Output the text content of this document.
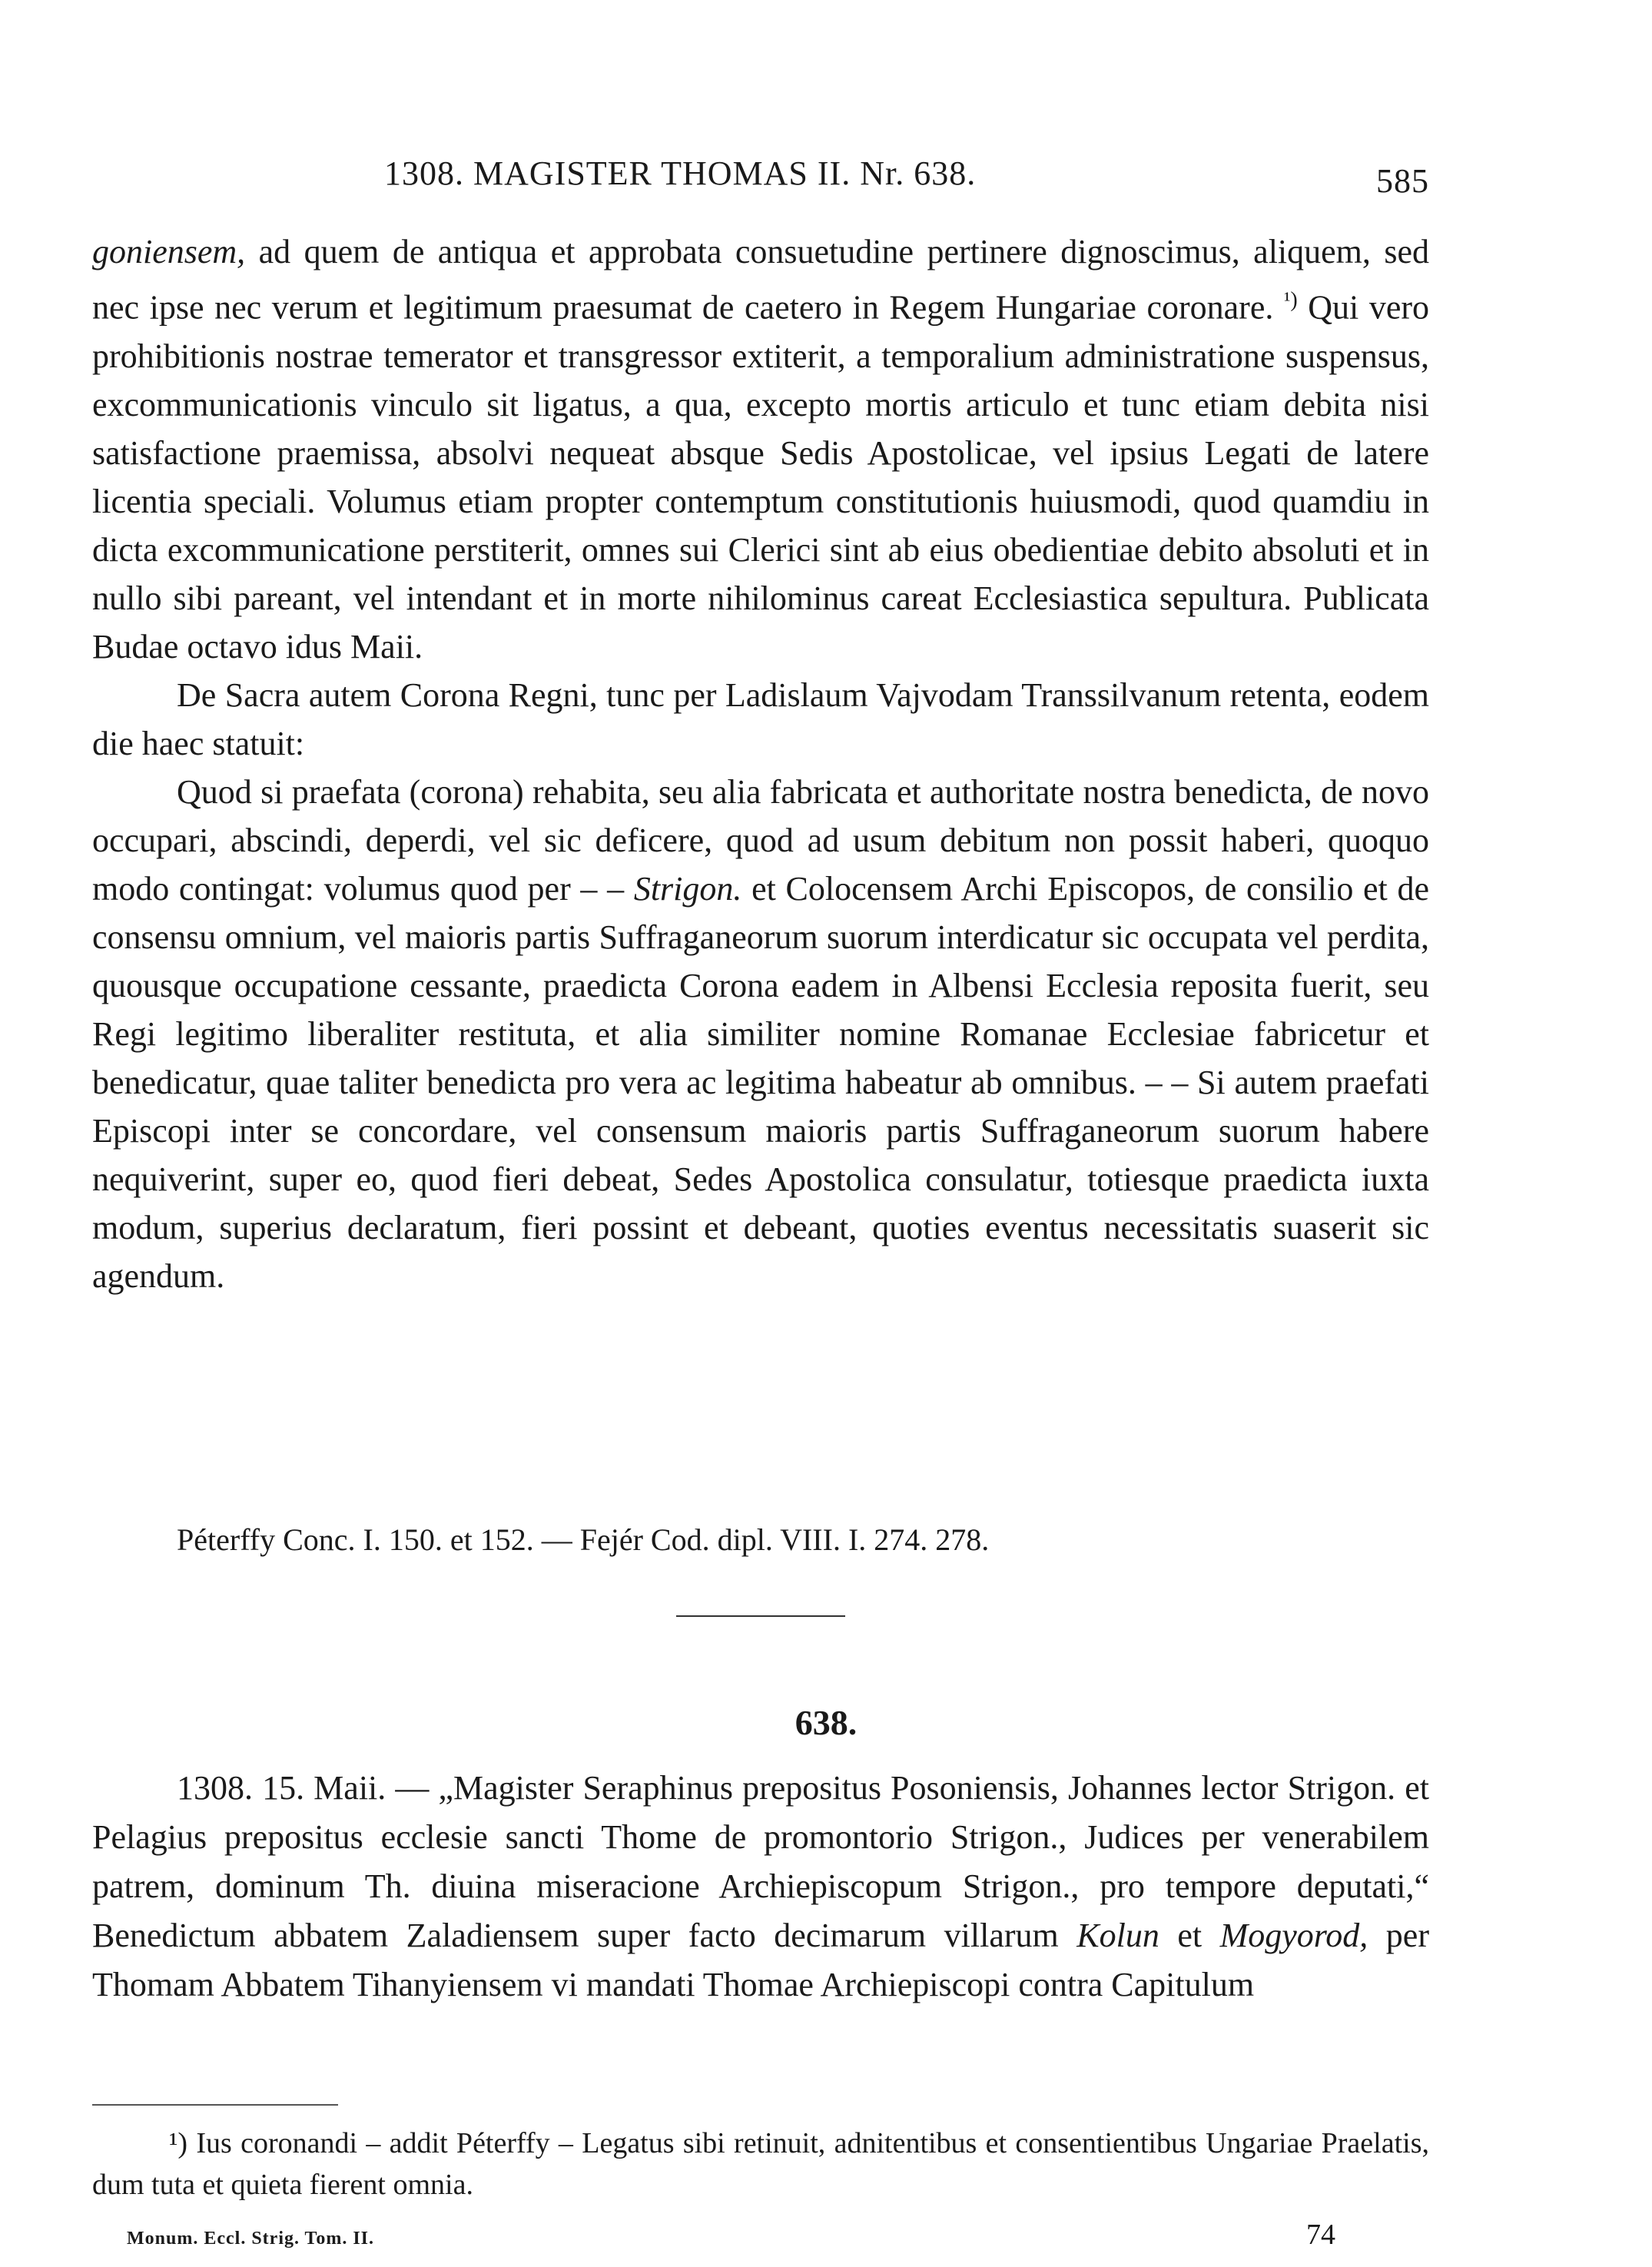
1308. MAGISTER THOMAS II. Nr. 638.	585

goniensem, ad quem de antiqua et approbata consuetudine pertinere dignoscimus, aliquem, sed nec ipse nec verum et legitimum praesumat de caetero in Regem Hungariae coronare. $^{^1)}$ Qui vero prohibitionis nostrae temerator et transgressor extiterit, a temporalium administratione suspensus, excommunicationis vinculo sit ligatus, a qua, excepto mortis articulo et tunc etiam debita nisi satisfactione praemissa, absolvi nequeat absque Sedis Apostolicae, vel ipsius Legati de latere licentia speciali. Volumus etiam propter contemptum constitutionis huiusmodi, quod quamdiu in dicta excommunicatione perstiterit, omnes sui Clerici sint ab eius obedientiae debito absoluti et in nullo sibi pareant, vel intendant et in morte nihilominus careat Ecclesiastica sepultura. Publicata Budae octavo idus Maii.

De Sacra autem Corona Regni, tunc per Ladislaum Vajvodam Transsilvanum retenta, eodem die haec statuit:

Quod si praefata (corona) rehabita, seu alia fabricata et authoritate nostra benedicta, de novo occupari, abscindi, deperdi, vel sic deficere, quod ad usum debitum non possit haberi, quoquo modo contingat: volumus quod per – – Strigon. et Colocensem Archi Episcopos, de consilio et de consensu omnium, vel maioris partis Suffraganeorum suorum interdicatur sic occupata vel perdita, quousque occupatione cessante, praedicta Corona eadem in Albensi Ecclesia reposita fuerit, seu Regi legitimo liberaliter restituta, et alia similiter nomine Romanae Ecclesiae fabricetur et benedicatur, quae taliter benedicta pro vera ac legitima habeatur ab omnibus. – – Si autem praefati Episcopi inter se concordare, vel consensum maioris partis Suffraganeorum suorum habere nequiverint, super eo, quod fieri debeat, Sedes Apostolica consulatur, totiesque praedicta iuxta modum, superius declaratum, fieri possint et debeant, quoties eventus necessitatis suaserit sic agendum.

Péterffy Conc. I. 150. et 152. — Fejér Cod. dipl. VIII. I. 274. 278.
638.

1308. 15. Maii. — „Magister Seraphinus prepositus Posoniensis, Johannes lector Strigon. et Pelagius prepositus ecclesie sancti Thome de promontorio Strigon., Judices per venerabilem patrem, dominum Th. diuina miseracione Archiepiscopum Strigon., pro tempore deputati,“ Benedictum abbatem Zaladiensem super facto decimarum villarum Kolun et Mogyorod, per Thomam Abbatem Tihanyiensem vi mandati Thomae Archiepiscopi contra Capitulum

¹) Ius coronandi – addit Péterffy – Legatus sibi retinuit, adnitentibus et consentientibus Ungariae Praelatis, dum tuta et quieta fierent omnia.

Monum. Eccl. Strig. Tom. II.	74
